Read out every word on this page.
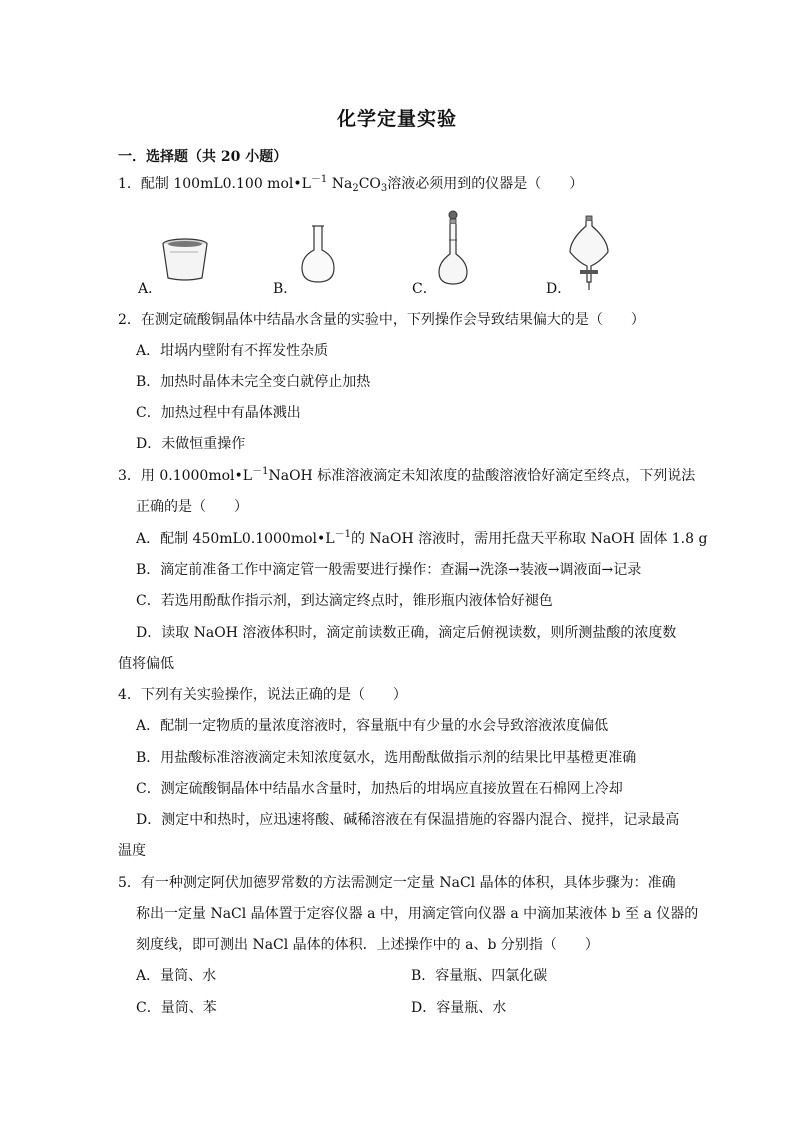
化学定量实验
一．选择题（共 20 小题）
1．配制 100mL0.100 $mol•L^{-1}$ $Na_2CO_3$溶液必须用到的仪器是（　　）
A．	B．	C．	D．
2．在测定硫酸铜晶体中结晶水含量的实验中，下列操作会导致结果偏大的是（　　）
A．坩埚内壁附有不挥发性杂质
B．加热时晶体未完全变白就停止加热
C．加热过程中有晶体溅出
D．未做恒重操作
3．用 $0.1000mol•L^{-1}NaOH$ 标准溶液滴定未知浓度的盐酸溶液恰好滴定至终点，下列说法
正确的是（　　）
A．配制 $450mL0.1000mol•L^{-1}$的 NaOH 溶液时，需用托盘天平称取 NaOH 固体 1.8 g
B．滴定前准备工作中滴定管一般需要进行操作：查漏→洗涤→装液→调液面→记录
C．若选用酚酞作指示剂，到达滴定终点时，锥形瓶内液体恰好褪色
D．读取 NaOH 溶液体积时，滴定前读数正确，滴定后俯视读数，则所测盐酸的浓度数
值将偏低
4．下列有关实验操作，说法正确的是（　　）
A．配制一定物质的量浓度溶液时，容量瓶中有少量的水会导致溶液浓度偏低
B．用盐酸标准溶液滴定未知浓度氨水，选用酚酞做指示剂的结果比甲基橙更准确
C．测定硫酸铜晶体中结晶水含量时，加热后的坩埚应直接放置在石棉网上冷却
D．测定中和热时，应迅速将酸、碱稀溶液在有保温措施的容器内混合、搅拌，记录最高
温度
5．有一种测定阿伏加德罗常数的方法需测定一定量 NaCl 晶体的体积，具体步骤为：准确
称出一定量 NaCl 晶体置于定容仪器 a 中，用滴定管向仪器 a 中滴加某液体 b 至 a 仪器的
刻度线，即可测出 NaCl 晶体的体积．上述操作中的 a、b 分别指（　　）
A．量筒、水	B．容量瓶、四氯化碳
C．量筒、苯	D．容量瓶、水
